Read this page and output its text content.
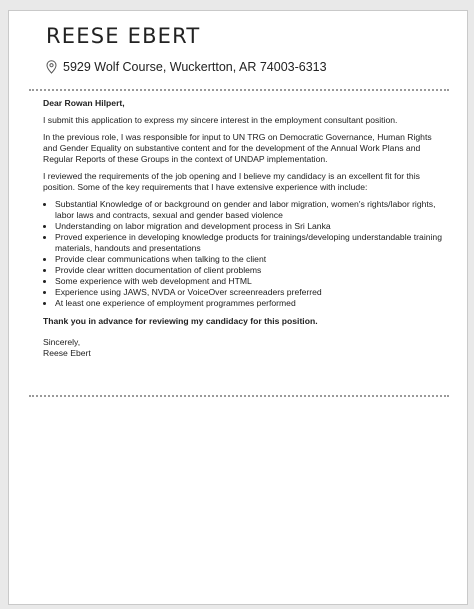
REESE EBERT
5929 Wolf Course, Wuckertton, AR 74003-6313

Dear Rowan Hilpert,

I submit this application to express my sincere interest in the employment consultant position.

In the previous role, I was responsible for input to UN TRG on Democratic Governance, Human Rights and Gender Equality on substantive content and for the development of the Annual Work Plans and Regular Reports of these Groups in the context of UNDAP implementation.

I reviewed the requirements of the job opening and I believe my candidacy is an excellent fit for this position. Some of the key requirements that I have extensive experience with include:

• Substantial Knowledge of or background on gender and labor migration, women's rights/labor rights, labor laws and contracts, sexual and gender based violence
• Understanding on labor migration and development process in Sri Lanka
• Proved experience in developing knowledge products for trainings/developing understandable training materials, handouts and presentations
• Provide clear communications when talking to the client
• Provide clear written documentation of client problems
• Some experience with web development and HTML
• Experience using JAWS, NVDA or VoiceOver screenreaders preferred
• At least one experience of employment programmes performed

Thank you in advance for reviewing my candidacy for this position.

Sincerely,

Reese Ebert
